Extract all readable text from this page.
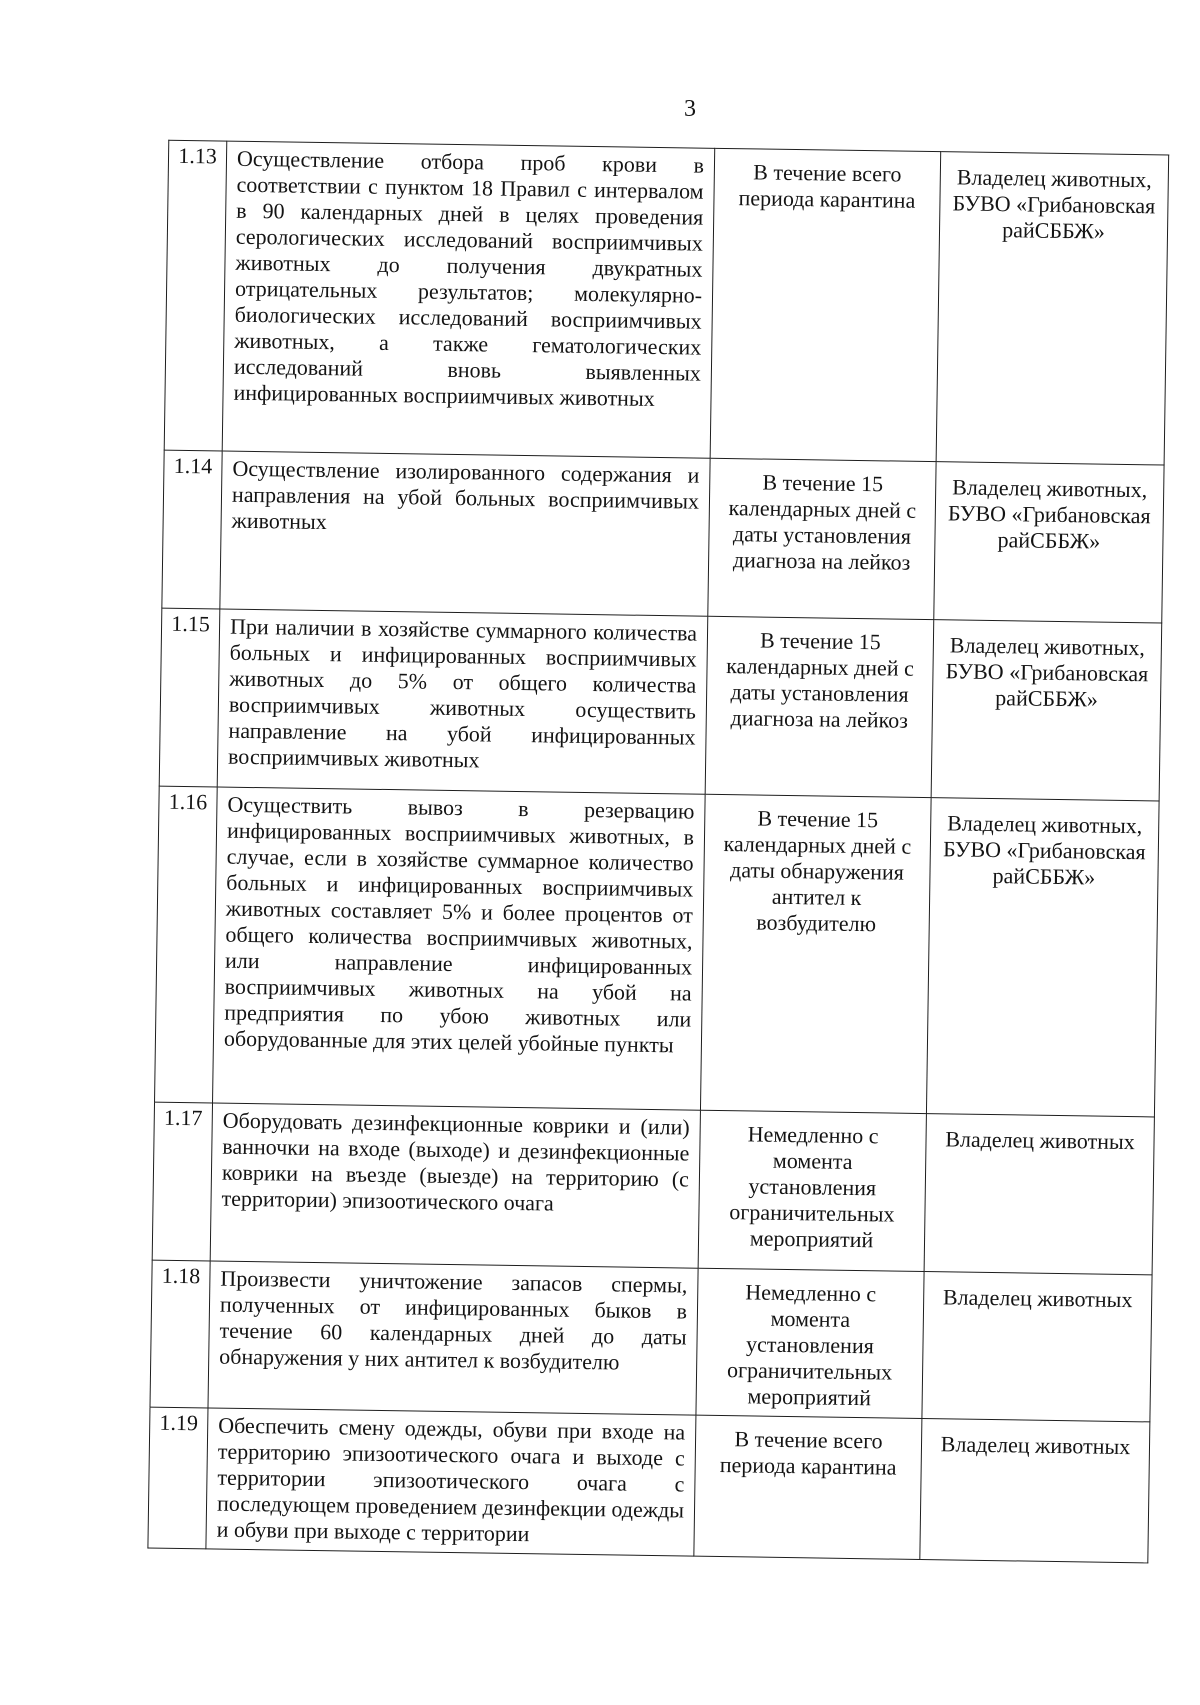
3
1.13	Осуществление отбора проб крови в соответствии с пунктом 18 Правил с интервалом в 90 календарных дней в целях проведения серологических исследований восприимчивых животных до получения двукратных отрицательных результатов; молекулярно-биологических исследований восприимчивых животных, а также гематологических исследований вновь выявленных инфицированных восприимчивых животных	В течение всего периода карантина	Владелец животных, БУВО «Грибановская райСББЖ»
1.14	Осуществление изолированного содержания и направления на убой больных восприимчивых животных	В течение 15 календарных дней с даты установления диагноза на лейкоз	Владелец животных, БУВО «Грибановская райСББЖ»
1.15	При наличии в хозяйстве суммарного количества больных и инфицированных восприимчивых животных до 5% от общего количества восприимчивых животных осуществить направление на убой инфицированных восприимчивых животных	В течение 15 календарных дней с даты установления диагноза на лейкоз	Владелец животных, БУВО «Грибановская райСББЖ»
1.16	Осуществить вывоз в резервацию инфицированных восприимчивых животных, в случае, если в хозяйстве суммарное количество больных и инфицированных восприимчивых животных составляет 5% и более процентов от общего количества восприимчивых животных, или направление инфицированных восприимчивых животных на убой на предприятия по убою животных или оборудованные для этих целей убойные пункты	В течение 15 календарных дней с даты обнаружения антител к возбудителю	Владелец животных, БУВО «Грибановская райСББЖ»
1.17	Оборудовать дезинфекционные коврики и (или) ванночки на входе (выходе) и дезинфекционные коврики на въезде (выезде) на территорию (с территории) эпизоотического очага	Немедленно с момента установления ограничительных мероприятий	Владелец животных
1.18	Произвести уничтожение запасов спермы, полученных от инфицированных быков в течение 60 календарных дней до даты обнаружения у них антител к возбудителю	Немедленно с момента установления ограничительных мероприятий	Владелец животных
1.19	Обеспечить смену одежды, обуви при входе на территорию эпизоотического очага и выходе с территории эпизоотического очага с последующем проведением дезинфекции одежды и обуви при выходе с территории	В течение всего периода карантина	Владелец животных
